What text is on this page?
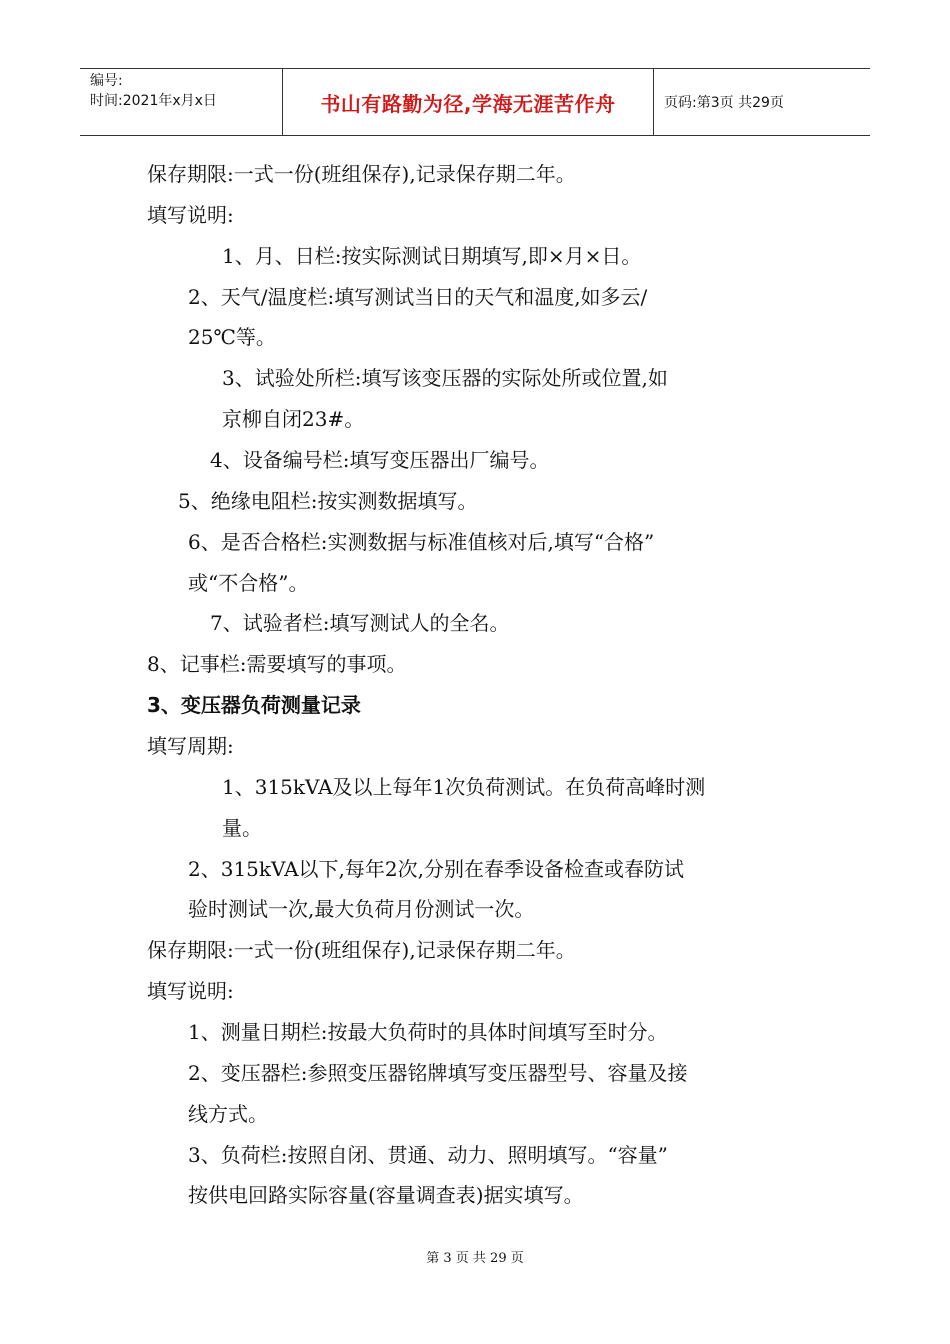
编号:
时间:2021年x月x日	书山有路勤为径,学海无涯苦作舟	页码:第3页 共29页
保存期限:一式一份(班组保存),记录保存期二年。
填写说明:
1、月、日栏:按实际测试日期填写,即×月×日。
2、天气/温度栏:填写测试当日的天气和温度,如多云/
25℃等。
3、试验处所栏:填写该变压器的实际处所或位置,如
京柳自闭23#。
4、设备编号栏:填写变压器出厂编号。
5、绝缘电阻栏:按实测数据填写。
6、是否合格栏:实测数据与标准值核对后,填写“合格”
或“不合格”。
7、试验者栏:填写测试人的全名。
8、记事栏:需要填写的事项。
3、变压器负荷测量记录
填写周期:
1、315kVA及以上每年1次负荷测试。在负荷高峰时测
量。
2、315kVA以下,每年2次,分别在春季设备检查或春防试
验时测试一次,最大负荷月份测试一次。
保存期限:一式一份(班组保存),记录保存期二年。
填写说明:
1、测量日期栏:按最大负荷时的具体时间填写至时分。
2、变压器栏:参照变压器铭牌填写变压器型号、容量及接
线方式。
3、负荷栏:按照自闭、贯通、动力、照明填写。“容量”
按供电回路实际容量(容量调查表)据实填写。
第 3 页 共 29 页
